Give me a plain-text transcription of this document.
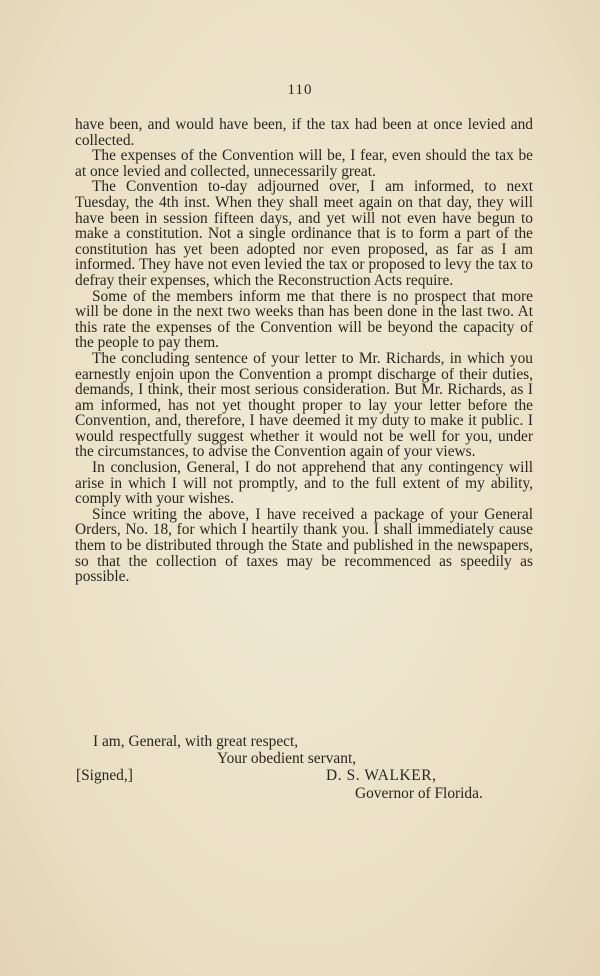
110

have been, and would have been, if the tax had been at once levied and collected.

The expenses of the Convention will be, I fear, even should the tax be at once levied and collected, unnecessarily great.

The Convention to-day adjourned over, I am informed, to next Tuesday, the 4th inst. When they shall meet again on that day, they will have been in session fifteen days, and yet will not even have begun to make a constitution. Not a single ordinance that is to form a part of the constitution has yet been adopted nor even proposed, as far as I am informed. They have not even levied the tax or proposed to levy the tax to defray their expenses, which the Reconstruction Acts require.

Some of the members inform me that there is no prospect that more will be done in the next two weeks than has been done in the last two. At this rate the expenses of the Convention will be beyond the capacity of the people to pay them.

The concluding sentence of your letter to Mr. Richards, in which you earnestly enjoin upon the Convention a prompt discharge of their duties, demands, I think, their most serious consideration. But Mr. Richards, as I am informed, has not yet thought proper to lay your letter before the Convention, and, therefore, I have deemed it my duty to make it public. I would respectfully suggest whether it would not be well for you, under the circumstances, to advise the Convention again of your views.

In conclusion, General, I do not apprehend that any contingency will arise in which I will not promptly, and to the full extent of my ability, comply with your wishes.

Since writing the above, I have received a package of your General Orders, No. 18, for which I heartily thank you. I shall immediately cause them to be distributed through the State and published in the newspapers, so that the collection of taxes may be recommenced as speedily as possible.

I am, General, with great respect,
Your obedient servant,
[Signed,]	D. S. WALKER,
Governor of Florida.
